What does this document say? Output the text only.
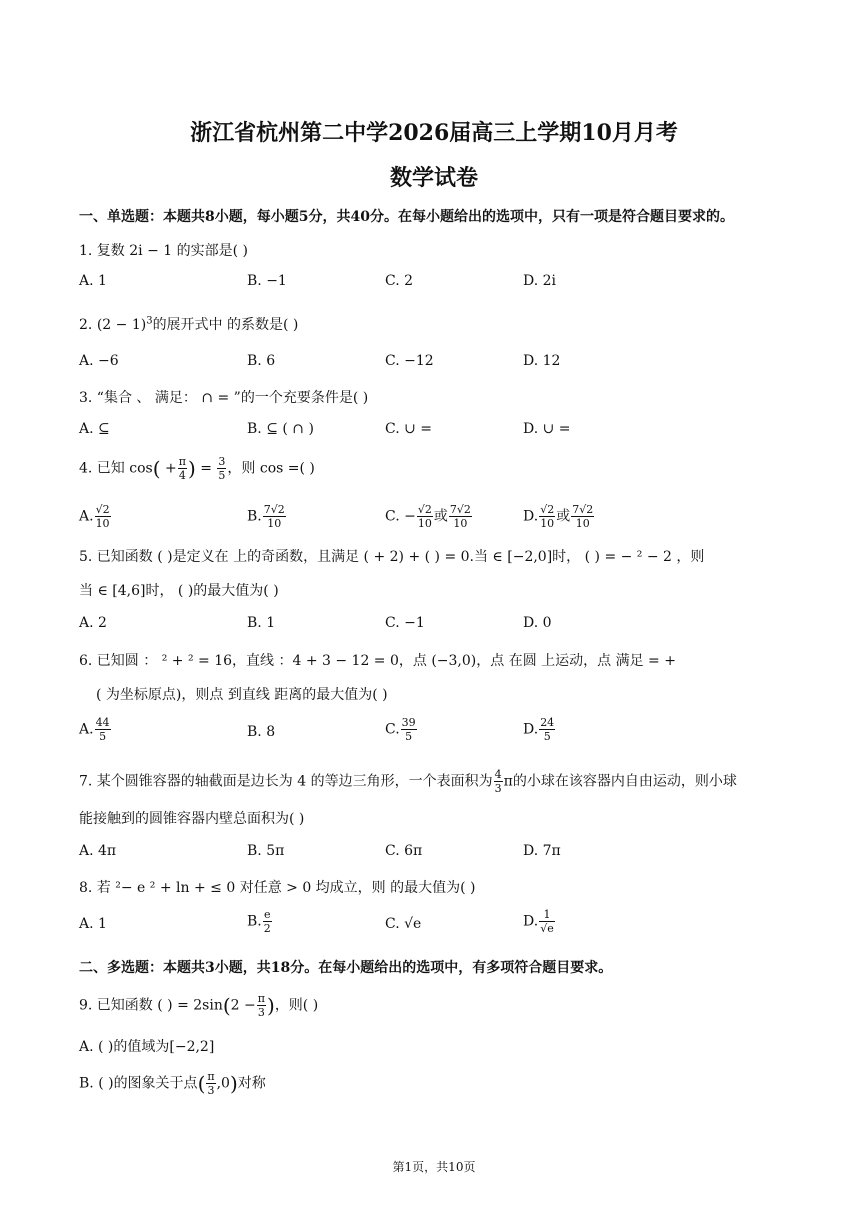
浙江省杭州第二中学2026届高三上学期10月月考
数学试卷
一、单选题：本题共8小题，每小题5分，共40分。在每小题给出的选项中，只有一项是符合题目要求的。
1. 复数 2i − 1 的实部是( )
A. 1	B. −1	C. 2	D. 2i
2. $(2 - 1)^3$的展开式中 的系数是( )
A. −6	B. 6	C. −12	D. 12
3. “集合 、 满足： ∩ = ”的一个充要条件是( )
A. ⊆	B. ⊆ ( ∩ )	C. ∪ =	D. ∪ =
4. 已知 $\cos( + \frac{\pi}{4}$ ) = $\frac{3}{5}$ ，则 cos =( )
A. $\frac{√2}{10}$	B. $\frac{7√2}{10}$	C. − $\frac{√2}{10}$ 或 $\frac{7√2}{10}$	D. $\frac{√2}{10}$ 或 $\frac{7√2}{10}$
5. 已知函数 ( )是定义在 上的奇函数，且满足 ( + 2) + ( ) = 0.当 ∈ [−2,0]时， ( ) = − ² − 2 ，则
当 ∈ [4,6]时， ( )的最大值为( )
A. 2	B. 1	C. −1	D. 0
6. 已知圆 ： ² + ² = 16，直线 ：4 + 3 − 12 = 0，点 (−3,0)，点 在圆 上运动，点 满足 = +
( 为坐标原点)，则点 到直线 距离的最大值为( )
A. $\frac{44}{5}$	B. 8	C. $\frac{39}{5}$	D. $\frac{24}{5}$
7. 某个圆锥容器的轴截面是边长为 4 的等边三角形，一个表面积为 $\frac{4}{3}$ π的小球在该容器内自由运动，则小球
能接触到的圆锥容器内壁总面积为( )
A. 4π	B. 5π	C. 6π	D. 7π
8. 若 ²− e ² + ln + ≤ 0 对任意 > 0 均成立，则 的最大值为( )
A. 1	B. $\frac{e}{2}$	C. √e	D. $\frac{1}{√e}$
二、多选题：本题共3小题，共18分。在每小题给出的选项中，有多项符合题目要求。
9. 已知函数 ( ) = $2\sin(2 - \frac{\pi}{3}$ )，则( )
A. ( )的值域为[−2,2]
B. ( )的图象关于点( $\frac{\pi}{3} ,0$)对称
第1页，共10页
